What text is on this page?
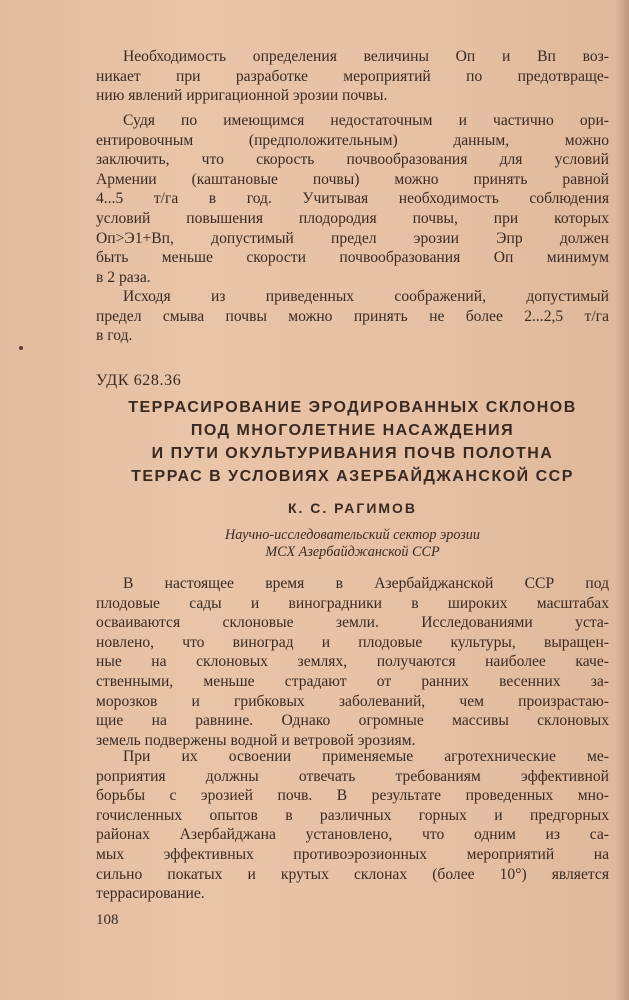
Необходимость определения величины Oп и Bп воз-
никает при разработке мероприятий по предотвраще-
нию явлений ирригационной эрозии почвы.
Судя по имеющимся недостаточным и частично ори-
ентировочным (предположительным) данным, можно
заключить, что скорость почвообразования для условий
Армении (каштановые почвы) можно принять равной
4...5 т/га в год. Учитывая необходимость соблюдения
условий повышения плодородия почвы, при которых
Oп>Э1+Bп, допустимый предел эрозии Эпр должен
быть меньше скорости почвообразования Oп минимум
в 2 раза.
Исходя из приведенных соображений, допустимый
предел смыва почвы можно принять не более 2...2,5 т/га
в год.
УДК 628.36
ТЕРРАСИРОВАНИЕ ЭРОДИРОВАННЫХ СКЛОНОВ
ПОД МНОГОЛЕТНИЕ НАСАЖДЕНИЯ
И ПУТИ ОКУЛЬТУРИВАНИЯ ПОЧВ ПОЛОТНА
ТЕРРАС В УСЛОВИЯХ АЗЕРБАЙДЖАНСКОЙ ССР
К. С. РАГИМОВ
Научно-исследовательский сектор эрозии
МСХ Азербайджанской ССР
В настоящее время в Азербайджанской ССР под
плодовые сады и виноградники в широких масштабах
осваиваются склоновые земли. Исследованиями уста-
новлено, что виноград и плодовые культуры, выращен-
ные на склоновых землях, получаются наиболее каче-
ственными, меньше страдают от ранних весенних за-
морозков и грибковых заболеваний, чем произрастаю-
щие на равнине. Однако огромные массивы склоновых
земель подвержены водной и ветровой эрозиям.
При их освоении применяемые агротехнические ме-
роприятия должны отвечать требованиям эффективной
борьбы с эрозией почв. В результате проведенных мно-
гочисленных опытов в различных горных и предгорных
районах Азербайджана установлено, что одним из са-
мых эффективных противоэрозионных мероприятий на
сильно покатых и крутых склонах (более 10°) является
террасирование.
108
